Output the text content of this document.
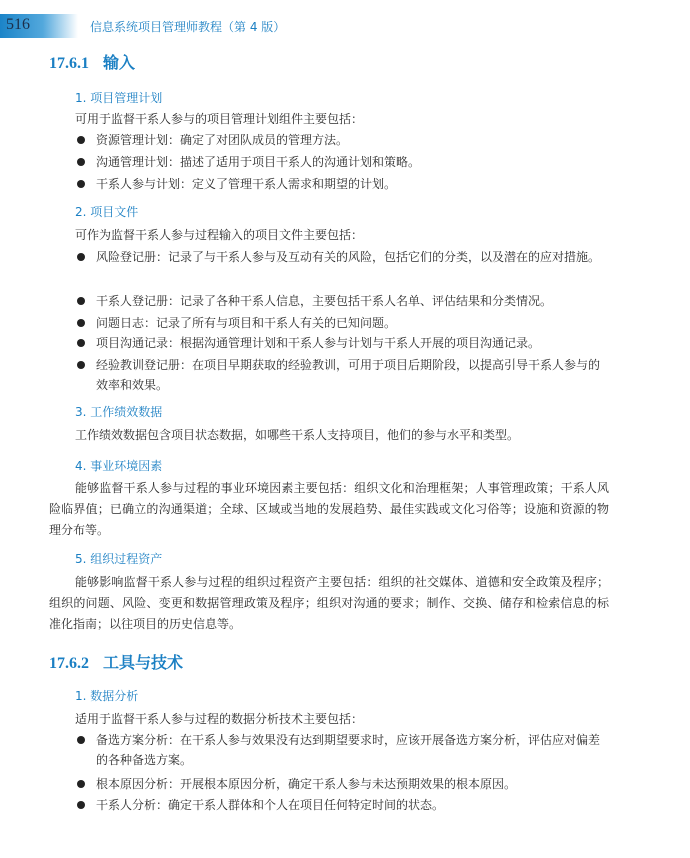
516	信息系统项目管理师教程（第 4 版）
17.6.1 输入
1. 项目管理计划
可用于监督干系人参与的项目管理计划组件主要包括：
资源管理计划：确定了对团队成员的管理方法。
沟通管理计划：描述了适用于项目干系人的沟通计划和策略。
干系人参与计划：定义了管理干系人需求和期望的计划。
2. 项目文件
可作为监督干系人参与过程输入的项目文件主要包括：
风险登记册：记录了与干系人参与及互动有关的风险，包括它们的分类，以及潜在的应对措施。
干系人登记册：记录了各种干系人信息，主要包括干系人名单、评估结果和分类情况。
问题日志：记录了所有与项目和干系人有关的已知问题。
项目沟通记录：根据沟通管理计划和干系人参与计划与干系人开展的项目沟通记录。
经验教训登记册：在项目早期获取的经验教训，可用于项目后期阶段，以提高引导干系人参与的效率和效果。
3. 工作绩效数据
工作绩效数据包含项目状态数据，如哪些干系人支持项目，他们的参与水平和类型。
4. 事业环境因素
能够监督干系人参与过程的事业环境因素主要包括：组织文化和治理框架；人事管理政策；干系人风险临界值；已确立的沟通渠道；全球、区域或当地的发展趋势、最佳实践或文化习俗等；设施和资源的物理分布等。
5. 组织过程资产
能够影响监督干系人参与过程的组织过程资产主要包括：组织的社交媒体、道德和安全政策及程序；组织的问题、风险、变更和数据管理政策及程序；组织对沟通的要求；制作、交换、储存和检索信息的标准化指南；以往项目的历史信息等。
17.6.2 工具与技术
1. 数据分析
适用于监督干系人参与过程的数据分析技术主要包括：
备选方案分析：在干系人参与效果没有达到期望要求时，应该开展备选方案分析，评估应对偏差的各种备选方案。
根本原因分析：开展根本原因分析，确定干系人参与未达预期效果的根本原因。
干系人分析：确定干系人群体和个人在项目任何特定时间的状态。
